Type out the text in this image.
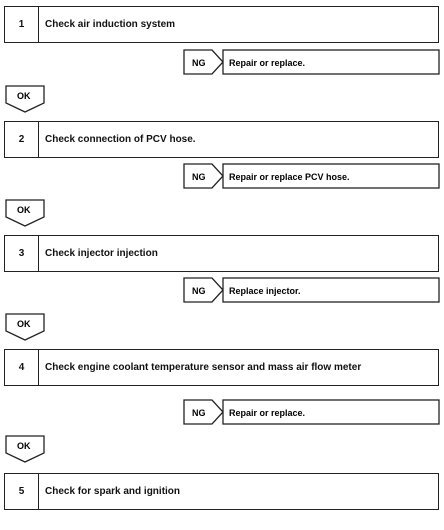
1	Check air induction system
NG	Repair or replace.
OK
2	Check connection of PCV hose.
NG	Repair or replace PCV hose.
OK
3	Check injector injection
NG	Replace injector.
OK
4	Check engine coolant temperature sensor and mass air flow meter
NG	Repair or replace.
OK
5	Check for spark and ignition
